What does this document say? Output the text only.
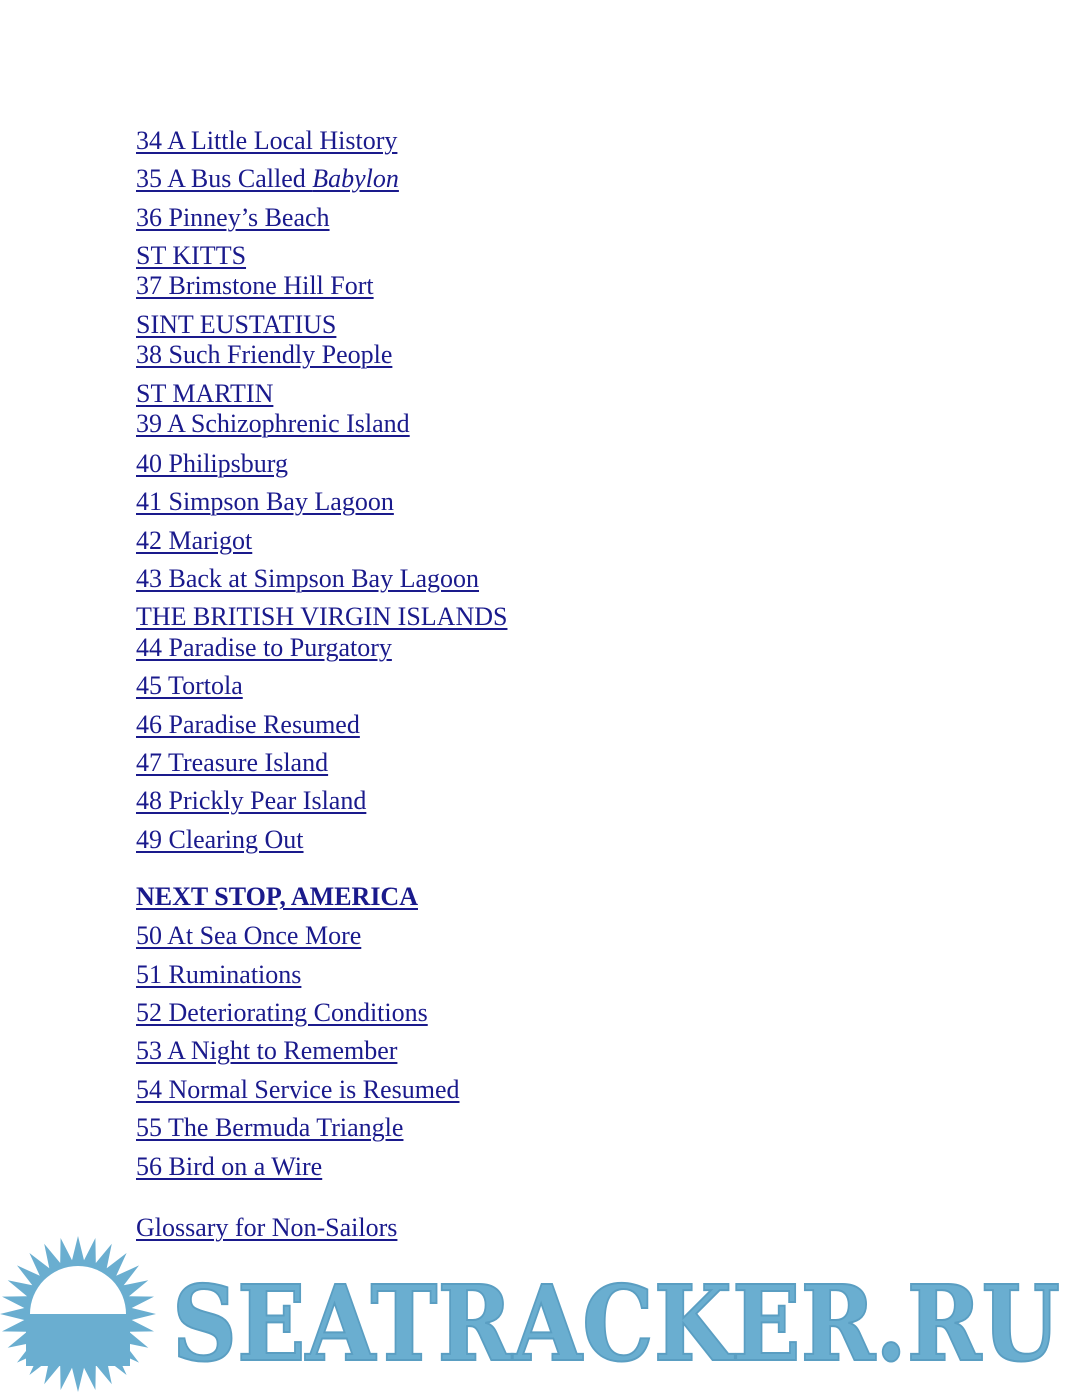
34 A Little Local History
35 A Bus Called Babylon
36 Pinney’s Beach
ST KITTS
37 Brimstone Hill Fort
SINT EUSTATIUS
38 Such Friendly People
ST MARTIN
39 A Schizophrenic Island
40 Philipsburg
41 Simpson Bay Lagoon
42 Marigot
43 Back at Simpson Bay Lagoon
THE BRITISH VIRGIN ISLANDS
44 Paradise to Purgatory
45 Tortola
46 Paradise Resumed
47 Treasure Island
48 Prickly Pear Island
49 Clearing Out
NEXT STOP, AMERICA
50 At Sea Once More
51 Ruminations
52 Deteriorating Conditions
53 A Night to Remember
54 Normal Service is Resumed
55 The Bermuda Triangle
56 Bird on a Wire
Glossary for Non-Sailors
SEATRACKER.RU
